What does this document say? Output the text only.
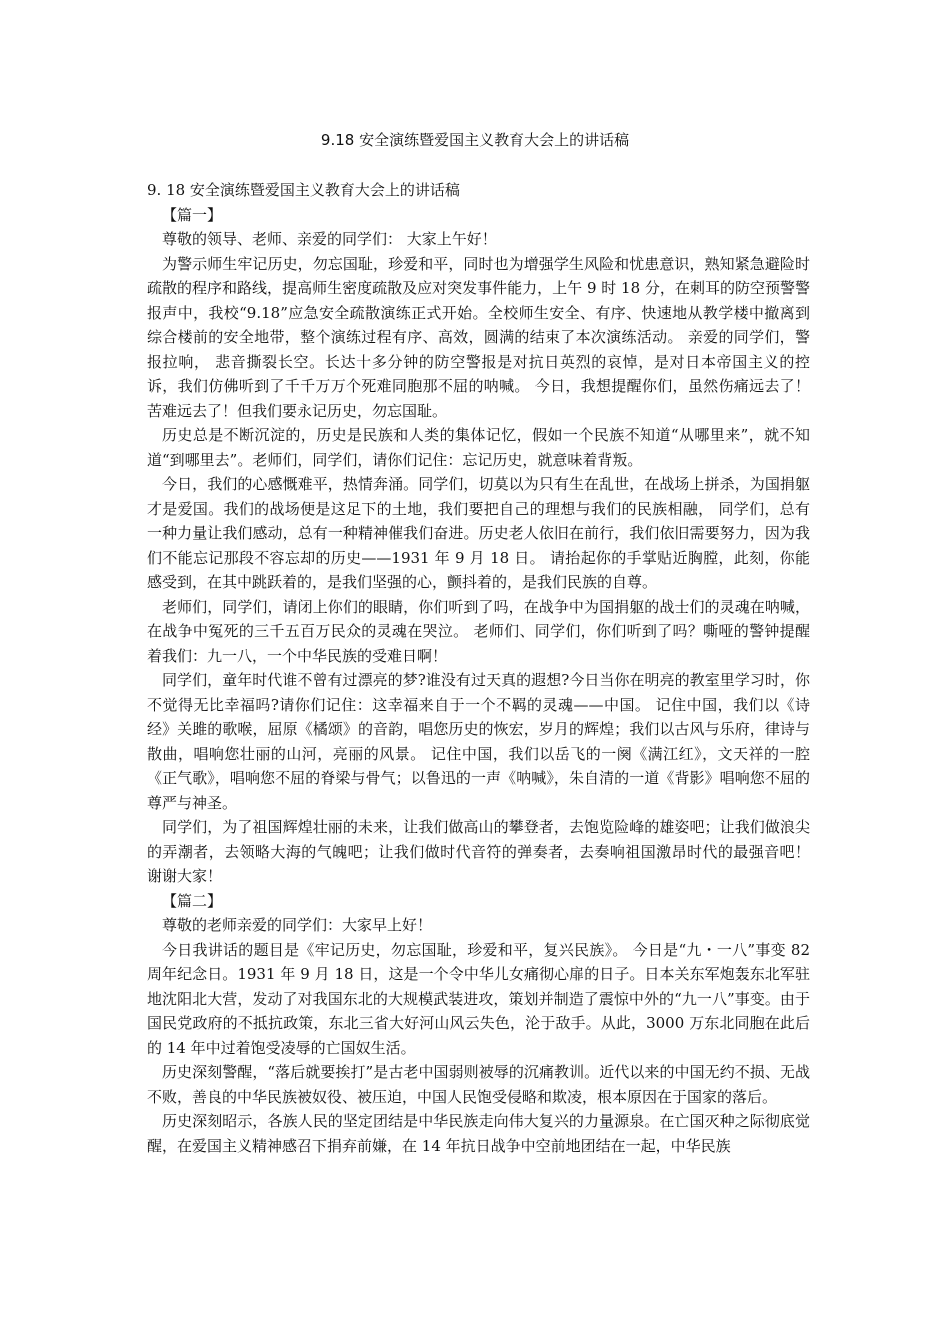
9.18 安全演练暨爱国主义教育大会上的讲话稿

9. 18 安全演练暨爱国主义教育大会上的讲话稿

【篇一】

尊敬的领导、老师、亲爱的同学们： 大家上午好！

为警示师生牢记历史，勿忘国耻，珍爱和平，同时也为增强学生风险和忧患意识，熟知紧急避险时疏散的程序和路线，提高师生密度疏散及应对突发事件能力，上午 9 时 18 分，在刺耳的防空预警警报声中，我校“9.18”应急安全疏散演练正式开始。全校师生安全、有序、快速地从教学楼中撤离到综合楼前的安全地带，整个演练过程有序、高效，圆满的结束了本次演练活动。 亲爱的同学们，警报拉响， 悲音撕裂长空。长达十多分钟的防空警报是对抗日英烈的哀悼，是对日本帝国主义的控诉，我们仿佛听到了千千万万个死难同胞那不屈的呐喊。 今日，我想提醒你们，虽然伤痛远去了！苦难远去了！但我们要永记历史，勿忘国耻。

历史总是不断沉淀的，历史是民族和人类的集体记忆，假如一个民族不知道“从哪里来”，就不知道“到哪里去”。老师们，同学们，请你们记住：忘记历史，就意味着背叛。

今日，我们的心感慨难平，热情奔涌。同学们，切莫以为只有生在乱世，在战场上拼杀，为国捐躯才是爱国。我们的战场便是这足下的土地，我们要把自己的理想与我们的民族相融， 同学们，总有一种力量让我们感动，总有一种精神催我们奋进。历史老人依旧在前行，我们依旧需要努力，因为我们不能忘记那段不容忘却的历史——1931 年 9 月 18 日。 请抬起你的手掌贴近胸膛，此刻，你能感受到，在其中跳跃着的，是我们坚强的心，颤抖着的，是我们民族的自尊。

老师们，同学们，请闭上你们的眼睛，你们听到了吗，在战争中为国捐躯的战士们的灵魂在呐喊，在战争中冤死的三千五百万民众的灵魂在哭泣。 老师们、同学们，你们听到了吗？嘶哑的警钟提醒着我们：九一八，一个中华民族的受难日啊！

同学们，童年时代谁不曾有过漂亮的梦?谁没有过天真的遐想?今日当你在明亮的教室里学习时，你不觉得无比幸福吗?请你们记住：这幸福来自于一个不羁的灵魂——中国。 记住中国，我们以《诗经》关雎的歌喉，屈原《橘颂》的音韵，唱您历史的恢宏，岁月的辉煌；我们以古风与乐府，律诗与散曲，唱响您壮丽的山河，亮丽的风景。 记住中国，我们以岳飞的一阕《满江红》，文天祥的一腔《正气歌》，唱响您不屈的脊梁与骨气；以鲁迅的一声《呐喊》，朱自清的一道《背影》唱响您不屈的尊严与神圣。

同学们，为了祖国辉煌壮丽的未来，让我们做高山的攀登者，去饱览险峰的雄姿吧；让我们做浪尖的弄潮者，去领略大海的气魄吧；让我们做时代音符的弹奏者，去奏响祖国激昂时代的最强音吧！ 谢谢大家！

【篇二】

尊敬的老师亲爱的同学们：大家早上好！

今日我讲话的题目是《牢记历史，勿忘国耻，珍爱和平，复兴民族》。 今日是“九・一八”事变 82 周年纪念日。1931 年 9 月 18 日，这是一个令中华儿女痛彻心扉的日子。日本关东军炮轰东北军驻地沈阳北大营，发动了对我国东北的大规模武装进攻，策划并制造了震惊中外的“九一八”事变。由于国民党政府的不抵抗政策，东北三省大好河山风云失色，沦于敌手。从此，3000 万东北同胞在此后的 14 年中过着饱受凌辱的亡国奴生活。

历史深刻警醒，“落后就要挨打”是古老中国弱则被辱的沉痛教训。近代以来的中国无约不损、无战不败，善良的中华民族被奴役、被压迫，中国人民饱受侵略和欺凌，根本原因在于国家的落后。

历史深刻昭示，各族人民的坚定团结是中华民族走向伟大复兴的力量源泉。在亡国灭种之际彻底觉醒，在爱国主义精神感召下捐弃前嫌，在 14 年抗日战争中空前地团结在一起，中华民族
